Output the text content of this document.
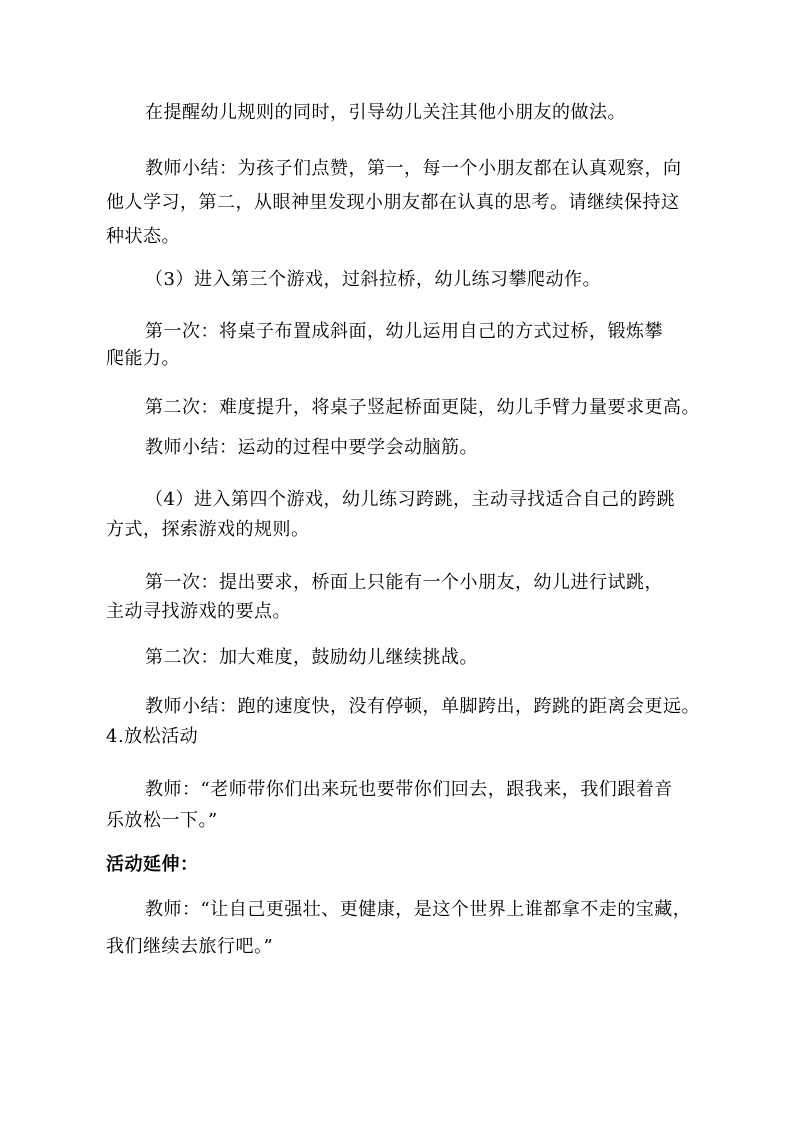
在提醒幼儿规则的同时，引导幼儿关注其他小朋友的做法。
教师小结：为孩子们点赞，第一，每一个小朋友都在认真观察，向
他人学习，第二，从眼神里发现小朋友都在认真的思考。请继续保持这
种状态。
（3）进入第三个游戏，过斜拉桥，幼儿练习攀爬动作。
第一次：将桌子布置成斜面，幼儿运用自己的方式过桥，锻炼攀
爬能力。
第二次：难度提升，将桌子竖起桥面更陡，幼儿手臂力量要求更高。
教师小结：运动的过程中要学会动脑筋。
（4）进入第四个游戏，幼儿练习跨跳，主动寻找适合自己的跨跳
方式，探索游戏的规则。
第一次：提出要求，桥面上只能有一个小朋友，幼儿进行试跳，
主动寻找游戏的要点。
第二次：加大难度，鼓励幼儿继续挑战。
教师小结：跑的速度快，没有停顿，单脚跨出，跨跳的距离会更远。
4.放松活动
教师：“老师带你们出来玩也要带你们回去，跟我来，我们跟着音
乐放松一下。”
活动延伸：
教师：“让自己更强壮、更健康，是这个世界上谁都拿不走的宝藏，
我们继续去旅行吧。”
